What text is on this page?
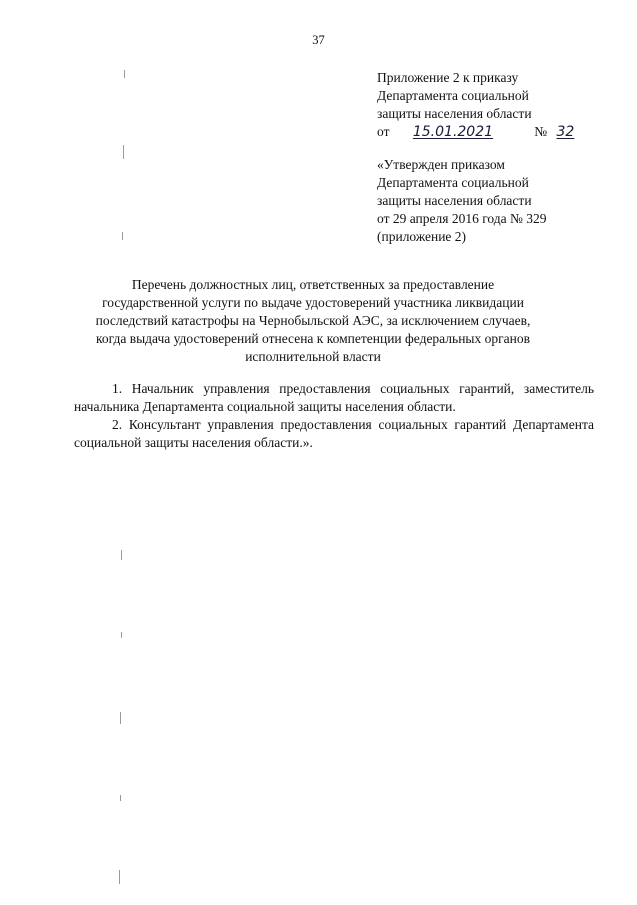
37
Приложение 2 к приказу
Департамента социальной
защиты населения области
от 15.01.2021	№ 32
«Утвержден приказом
Департамента социальной
защиты населения области
от 29 апреля 2016 года № 329
(приложение 2)
Перечень должностных лиц, ответственных за предоставление
государственной услуги по выдаче удостоверений участника ликвидации
последствий катастрофы на Чернобыльской АЭС, за исключением случаев,
когда выдача удостоверений отнесена к компетенции федеральных органов
исполнительной власти

1. Начальник управления предоставления социальных гарантий, заместитель начальника Департамента социальной защиты населения области.

2. Консультант управления предоставления социальных гарантий Департамента социальной защиты населения области.».
